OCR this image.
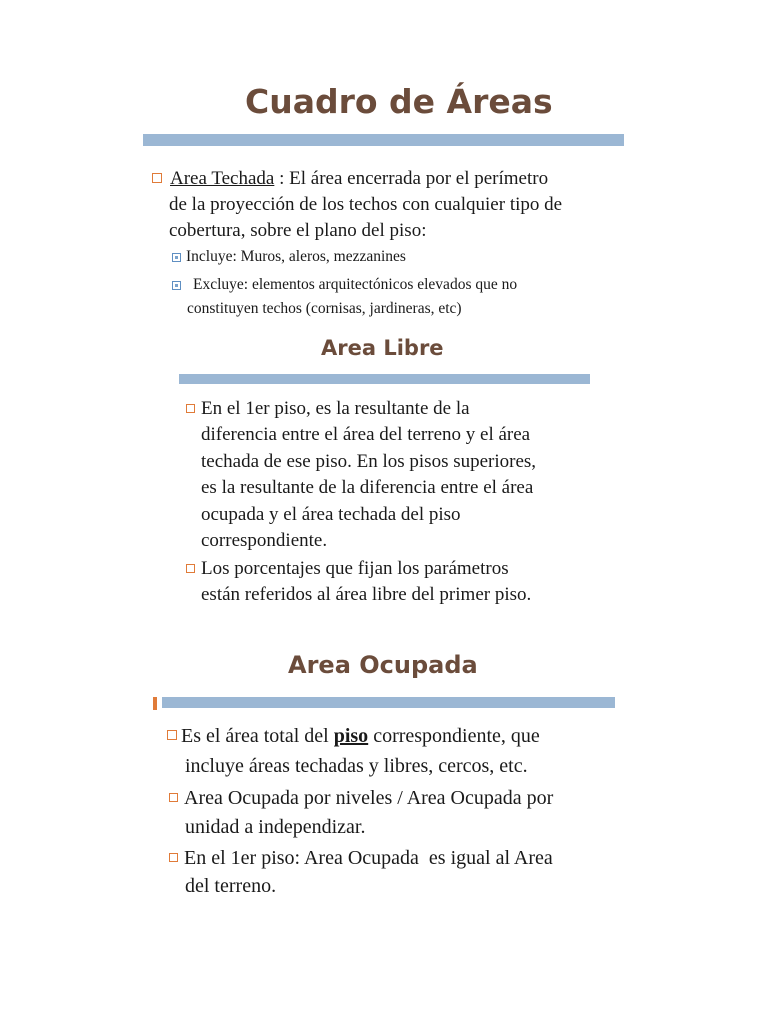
Cuadro de Áreas

Area Techada : El área encerrada por el perímetro

de la proyección de los techos con cualquier tipo de

cobertura, sobre el plano del piso:

Incluye: Muros, aleros, mezzanines

Excluye: elementos arquitectónicos elevados que no

constituyen techos (cornisas, jardineras, etc)

Area Libre

En el 1er piso, es la resultante de la

diferencia entre el área del terreno y el área

techada de ese piso. En los pisos superiores,

es la resultante de la diferencia entre el área

ocupada y el área techada del piso

correspondiente.

Los porcentajes que fijan los parámetros

están referidos al área libre del primer piso.

Area Ocupada

Es el área total del piso correspondiente, que

incluye áreas techadas y libres, cercos, etc.

Area Ocupada por niveles / Area Ocupada por

unidad a independizar.

En el 1er piso: Area Ocupada  es igual al Area

del terreno.
